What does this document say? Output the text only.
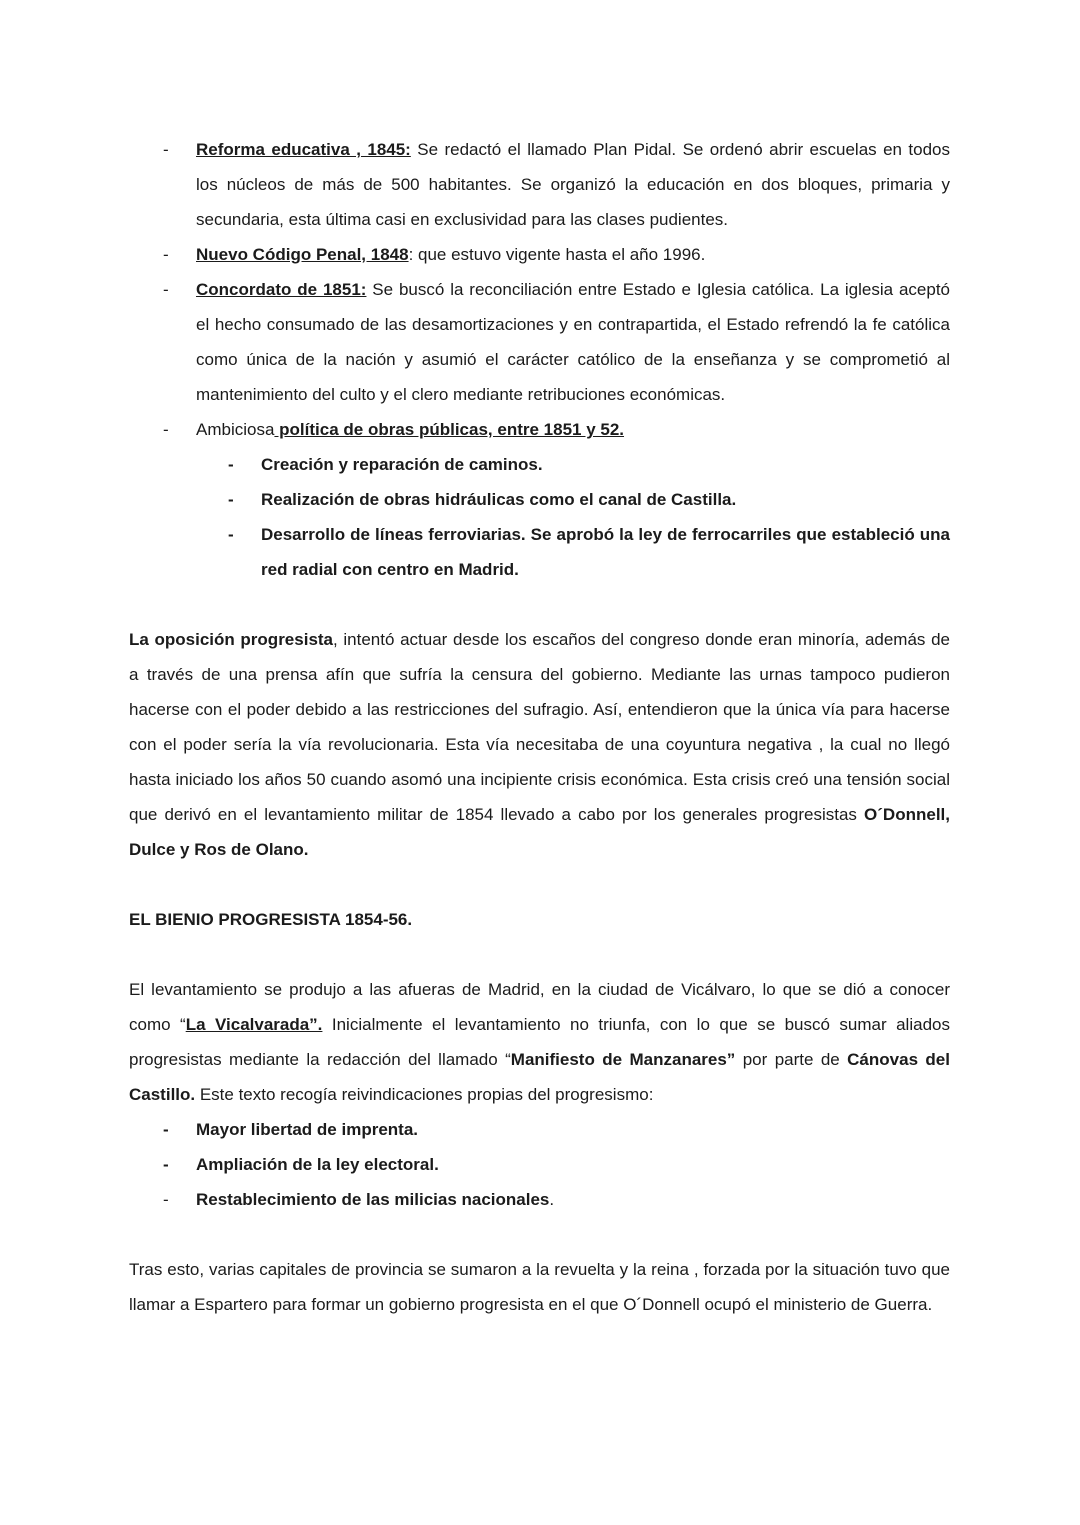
-	Reforma educativa , 1845: Se redactó el llamado Plan Pidal. Se ordenó abrir escuelas en todos los núcleos de más de 500 habitantes. Se organizó la educación en dos bloques, primaria y secundaria, esta última casi en exclusividad para las clases pudientes.
-	Nuevo Código Penal, 1848: que estuvo vigente hasta el año 1996.
-	Concordato de 1851: Se buscó la reconciliación entre Estado e Iglesia católica. La iglesia aceptó el hecho consumado de las desamortizaciones y en contrapartida, el Estado refrendó la fe católica como única de la nación y asumió el carácter católico de la enseñanza y se comprometió al mantenimiento del culto y el clero mediante retribuciones económicas.
-	Ambiciosa política de obras públicas, entre 1851 y 52.
-	Creación y reparación de caminos.
-	Realización de obras hidráulicas como el canal de Castilla.
-	Desarrollo de líneas ferroviarias. Se aprobó la ley de ferrocarriles que estableció una red radial con centro en Madrid.
La oposición progresista, intentó actuar desde los escaños del congreso donde eran minoría, además de a través de una prensa afín que sufría la censura del gobierno. Mediante las urnas tampoco pudieron hacerse con el poder debido a las restricciones del sufragio. Así, entendieron que la única vía para hacerse con el poder sería la vía revolucionaria. Esta vía necesitaba de una coyuntura negativa , la cual no llegó hasta iniciado los años 50 cuando asomó una incipiente crisis económica. Esta crisis creó una tensión social que derivó en el levantamiento militar de 1854 llevado a cabo por los generales progresistas O´Donnell, Dulce y Ros de Olano.
EL BIENIO PROGRESISTA 1854-56.
El levantamiento se produjo a las afueras de Madrid, en la ciudad de Vicálvaro, lo que se dió a conocer como “La Vicalvarada”. Inicialmente el levantamiento no triunfa, con lo que se buscó sumar aliados progresistas mediante la redacción del llamado “Manifiesto de Manzanares” por parte de Cánovas del Castillo. Este texto recogía reivindicaciones propias del progresismo:
-	Mayor libertad de imprenta.
-	Ampliación de la ley electoral.
-	Restablecimiento de las milicias nacionales.
Tras esto, varias capitales de provincia se sumaron a la revuelta y la reina , forzada por la situación tuvo que llamar a Espartero para formar un gobierno progresista en el que O´Donnell ocupó el ministerio de Guerra.
